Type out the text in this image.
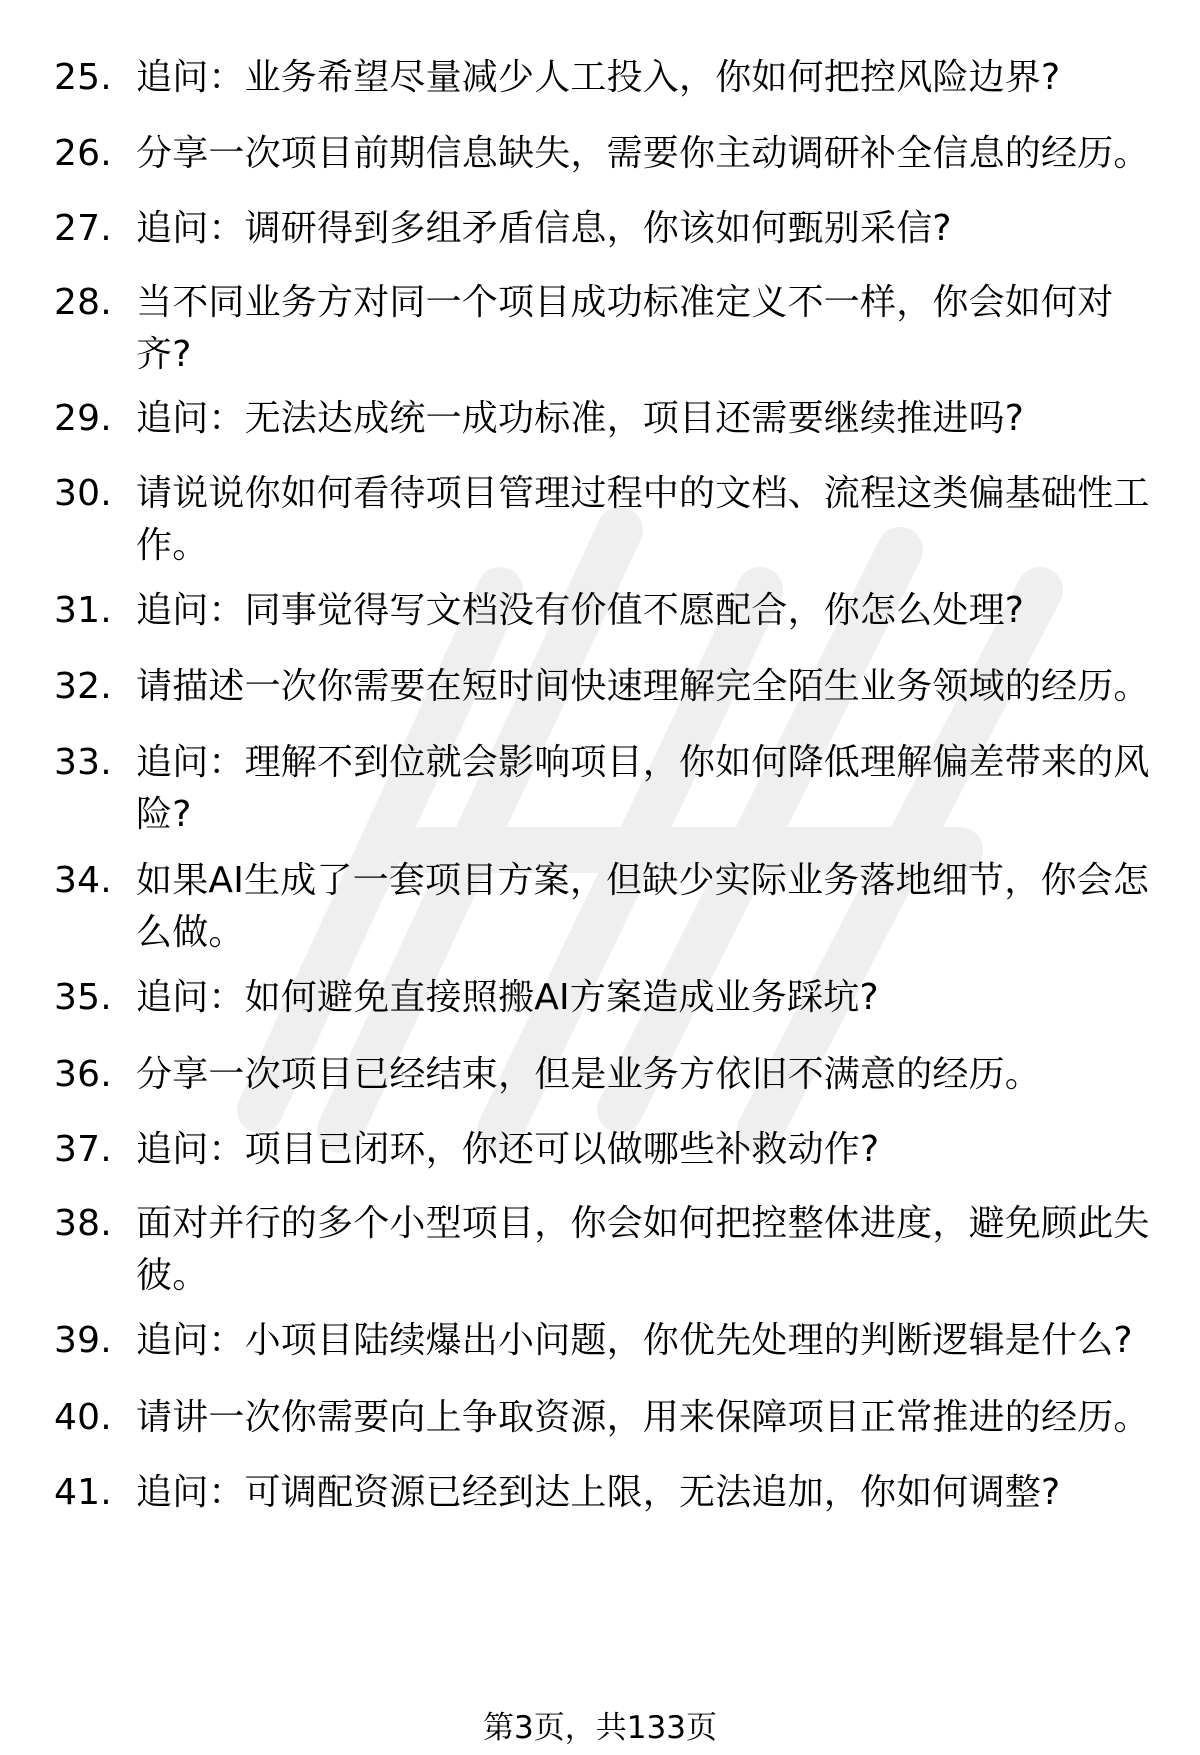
25. 追问：业务希望尽量减少人工投入，你如何把控风险边界?
26. 分享一次项目前期信息缺失，需要你主动调研补全信息的经历。
27. 追问：调研得到多组矛盾信息，你该如何甄别采信?
28. 当不同业务方对同一个项目成功标准定义不一样，你会如何对齐?
29. 追问：无法达成统一成功标准，项目还需要继续推进吗?
30. 请说说你如何看待项目管理过程中的文档、流程这类偏基础性工作。
31. 追问：同事觉得写文档没有价值不愿配合，你怎么处理?
32. 请描述一次你需要在短时间快速理解完全陌生业务领域的经历。
33. 追问：理解不到位就会影响项目，你如何降低理解偏差带来的风险?
34. 如果AI生成了一套项目方案，但缺少实际业务落地细节，你会怎么做。
35. 追问：如何避免直接照搬AI方案造成业务踩坑?
36. 分享一次项目已经结束，但是业务方依旧不满意的经历。
37. 追问：项目已闭环，你还可以做哪些补救动作?
38. 面对并行的多个小型项目，你会如何把控整体进度，避免顾此失彼。
39. 追问：小项目陆续爆出小问题，你优先处理的判断逻辑是什么?
40. 请讲一次你需要向上争取资源，用来保障项目正常推进的经历。
41. 追问：可调配资源已经到达上限，无法追加，你如何调整?
第3页，共133页
